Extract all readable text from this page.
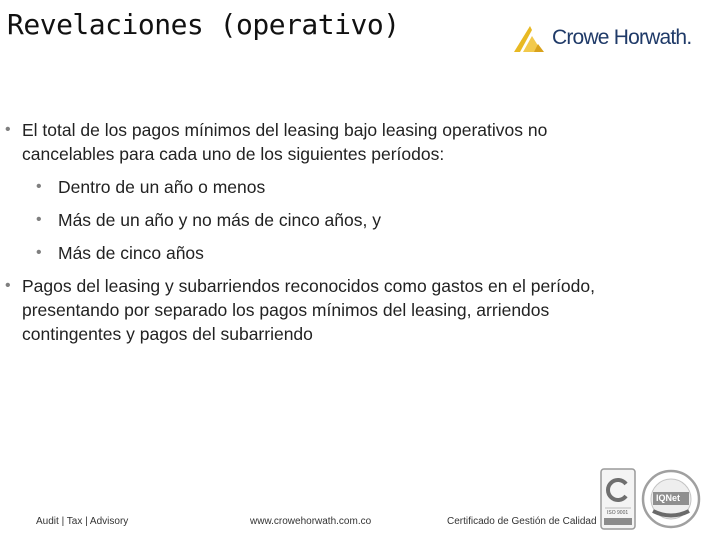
Revelaciones (operativo)	Crowe Horwath.
• El total de los pagos mínimos del leasing bajo leasing operativos no cancelables para cada uno de los siguientes períodos:
• Dentro de un año o menos
• Más de un año y no más de cinco años, y
• Más de cinco años
• Pagos del leasing y subarriendos reconocidos como gastos en el período, presentando por separado los pagos mínimos del leasing, arriendos contingentes y pagos del subarriendo
Audit | Tax | Advisory	www.crowehorwath.com.co	Certificado de Gestión de Calidad
ISO 9001
IQNet
